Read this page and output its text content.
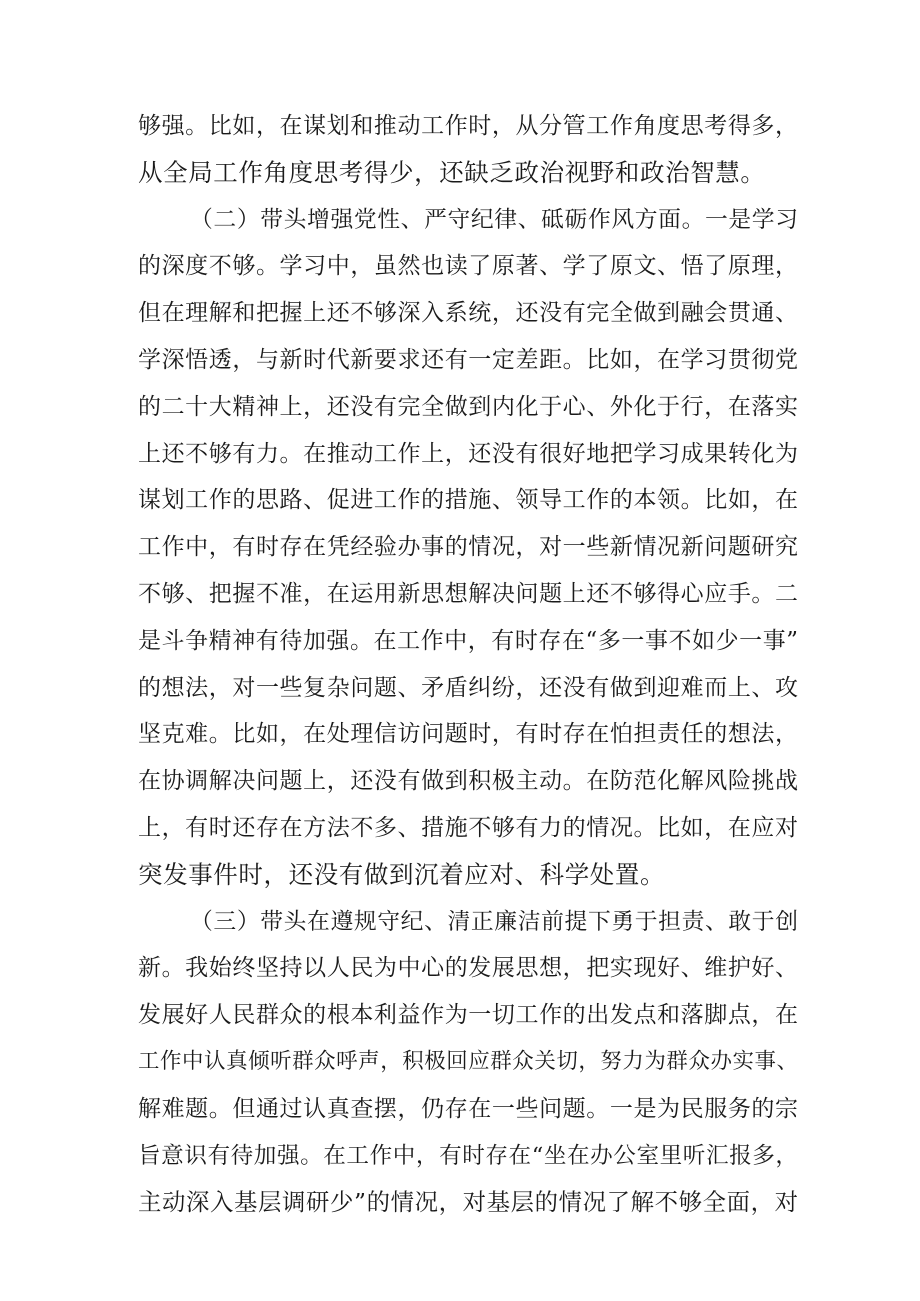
够强。比如，在谋划和推动工作时，从分管工作角度思考得多，
从全局工作角度思考得少，还缺乏政治视野和政治智慧。
（二）带头增强党性、严守纪律、砥砺作风方面。一是学习
的深度不够。学习中，虽然也读了原著、学了原文、悟了原理，
但在理解和把握上还不够深入系统，还没有完全做到融会贯通、
学深悟透，与新时代新要求还有一定差距。比如，在学习贯彻党
的二十大精神上，还没有完全做到内化于心、外化于行，在落实
上还不够有力。在推动工作上，还没有很好地把学习成果转化为
谋划工作的思路、促进工作的措施、领导工作的本领。比如，在
工作中，有时存在凭经验办事的情况，对一些新情况新问题研究
不够、把握不准，在运用新思想解决问题上还不够得心应手。二
是斗争精神有待加强。在工作中，有时存在“多一事不如少一事”
的想法，对一些复杂问题、矛盾纠纷，还没有做到迎难而上、攻
坚克难。比如，在处理信访问题时，有时存在怕担责任的想法，
在协调解决问题上，还没有做到积极主动。在防范化解风险挑战
上，有时还存在方法不多、措施不够有力的情况。比如，在应对
突发事件时，还没有做到沉着应对、科学处置。
（三）带头在遵规守纪、清正廉洁前提下勇于担责、敢于创
新。我始终坚持以人民为中心的发展思想，把实现好、维护好、
发展好人民群众的根本利益作为一切工作的出发点和落脚点，在
工作中认真倾听群众呼声，积极回应群众关切，努力为群众办实事、
解难题。但通过认真查摆，仍存在一些问题。一是为民服务的宗
旨意识有待加强。在工作中，有时存在“坐在办公室里听汇报多，
主动深入基层调研少”的情况，对基层的情况了解不够全面，对
